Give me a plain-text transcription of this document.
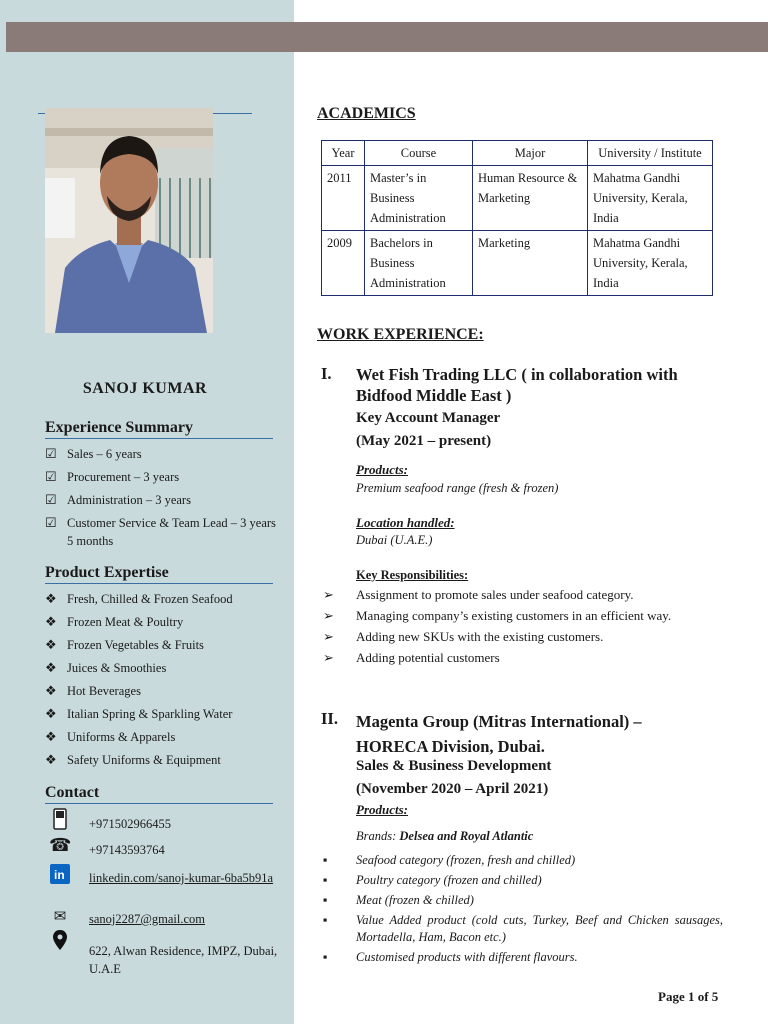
SANOJ KUMAR
Experience Summary
☑ Sales – 6 years
☑ Procurement – 3 years
☑ Administration – 3 years
☑ Customer Service & Team Lead – 3 years 5 months
Product Expertise
❖ Fresh, Chilled & Frozen Seafood
❖ Frozen Meat & Poultry
❖ Frozen Vegetables & Fruits
❖ Juices & Smoothies
❖ Hot Beverages
❖ Italian Spring & Sparkling Water
❖ Uniforms & Apparels
❖ Safety Uniforms & Equipment
Contact
+971502966455
☎ +97143593764
in linkedin.com/sanoj-kumar-6ba5b91a
✉	sanoj2287@gmail.com
622, Alwan Residence, IMPZ, Dubai, U.A.E
ACADEMICS
Year	Course	Major	University / Institute
2011	Master’s in Business Administration	Human Resource & Marketing	Mahatma Gandhi University, Kerala, India
2009	Bachelors in Business Administration	Marketing	Mahatma Gandhi University, Kerala, India
WORK EXPERIENCE:
I. Wet Fish Trading LLC ( in collaboration with Bidfood Middle East )
Key Account Manager
(May 2021 – present)
Products:
Premium seafood range (fresh & frozen)
Location handled:
Dubai (U.A.E.)
Key Responsibilities:
➢ Assignment to promote sales under seafood category.
➢ Managing company’s existing customers in an efficient way.
➢ Adding new SKUs with the existing customers.
➢ Adding potential customers
II. Magenta Group (Mitras International) – HORECA Division, Dubai.
Sales & Business Development
(November 2020 – April 2021)
Products:
Brands: Delsea and Royal Atlantic
▪ Seafood category (frozen, fresh and chilled)
▪ Poultry category (frozen and chilled)
▪ Meat (frozen & chilled)
▪ Value Added product (cold cuts, Turkey, Beef and Chicken sausages, Mortadella, Ham, Bacon etc.)
▪ Customised products with different flavours.
Page 1 of 5
